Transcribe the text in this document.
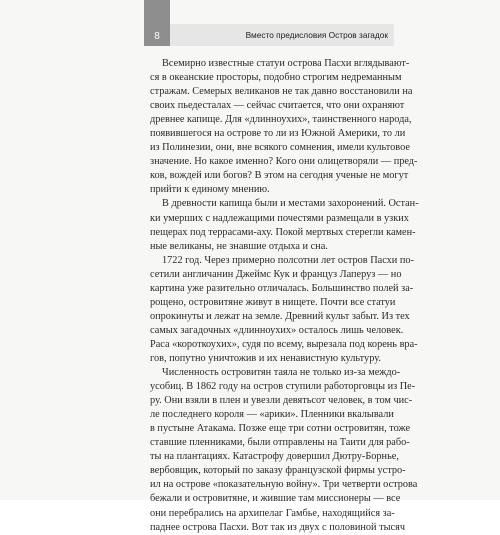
8	Вместо предисловия Остров загадок
Всемирно известные статуи острова Пасхи вглядывают-
ся в океанские просторы, подобно строгим недреманным
стражам. Семерых великанов не так давно восстановили на
своих пьедесталах — сейчас считается, что они охраняют
древнее капище. Для «длинноухих», таинственного народа,
появившегося на острове то ли из Южной Америки, то ли
из Полинезии, они, вне всякого сомнения, имели культовое
значение. Но какое именно? Кого они олицетворяли — пред-
ков, вождей или богов? В этом на сегодня ученые не могут
прийти к единому мнению.
В древности капища были и местами захоронений. Остан-
ки умерших с надлежащими почестями размещали в узких
пещерах под террасами-аху. Покой мертвых стерегли камен-
ные великаны, не знавшие отдыха и сна.
1722 год. Через примерно полсотни лет остров Пасхи по-
сетили англичанин Джеймс Кук и француз Лаперуз — но
картина уже разительно отличалась. Большинство полей за-
рощено, островитяне живут в нищете. Почти все статуи
опрокинуты и лежат на земле. Древний культ забыт. Из тех
самых загадочных «длинноухих» осталось лишь человек.
Раса «короткоухих», судя по всему, вырезала под корень вра-
гов, попутно уничтожив и их ненавистную культуру.
Численность островитян таяла не только из-за междо-
усобиц. В 1862 году на остров ступили работорговцы из Пе-
ру. Они взяли в плен и увезли девятьсот человек, в том чис-
ле последнего короля — «арики». Пленники вкалывали
в пустыне Атакама. Позже еще три сотни островитян, тоже
ставшие пленниками, были отправлены на Таити для рабо-
ты на плантациях. Катастрофу довершил Дютру-Борнье,
вербовщик, который по заказу французской фирмы устро-
ил на острове «показательную войну». Три четверти острова
бежали и островитяне, и жившие там миссионеры — все
они перебрались на архипелаг Гамбье, находящийся за-
паднее острова Пасхи. Вот так из двух с половиной тысяч
